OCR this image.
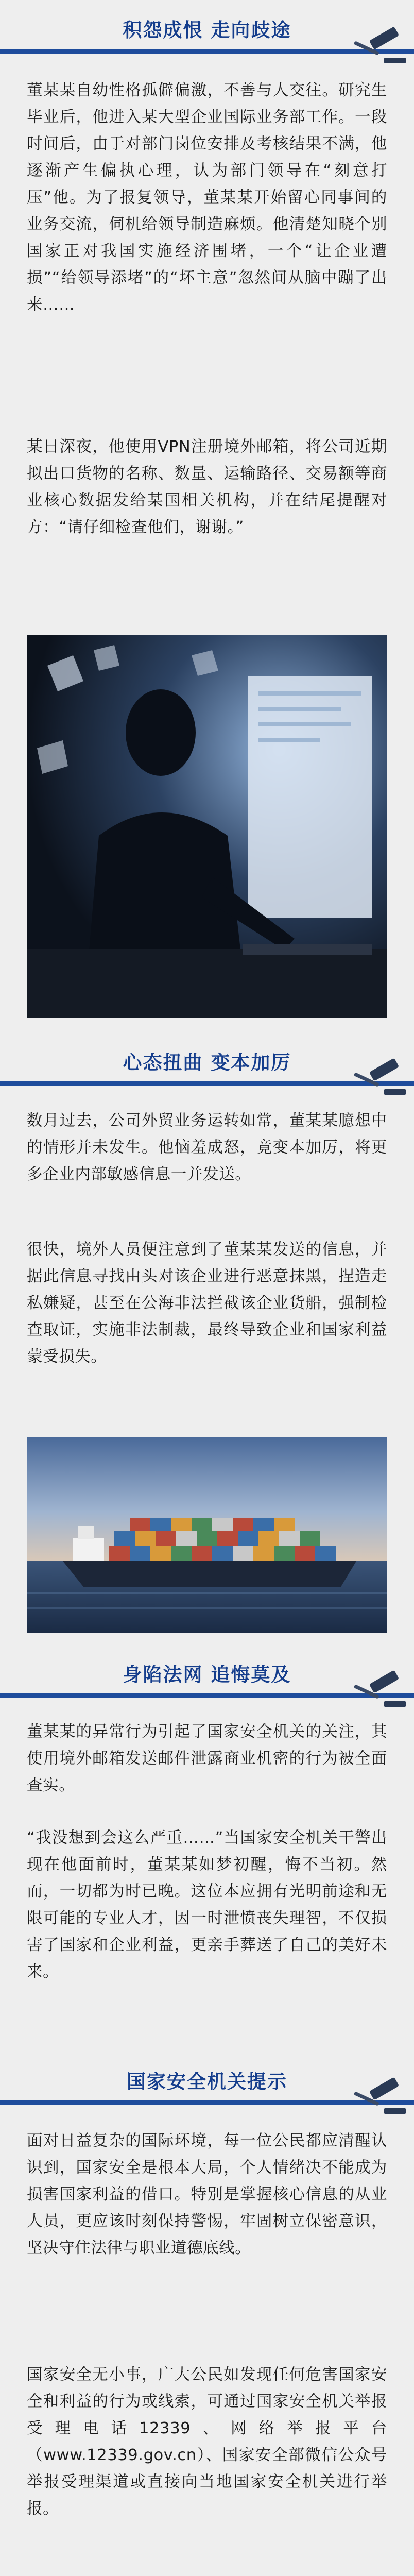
积怨成恨 走向歧途

董某某自幼性格孤僻偏激，不善与人交往。研究生毕业后，他进入某大型企业国际业务部工作。一段时间后，由于对部门岗位安排及考核结果不满，他逐渐产生偏执心理，认为部门领导在“刻意打压”他。为了报复领导，董某某开始留心同事间的业务交流，伺机给领导制造麻烦。他清楚知晓个别国家正对我国实施经济围堵，一个“让企业遭损”“给领导添堵”的“坏主意”忽然间从脑中蹦了出来……

某日深夜，他使用VPN注册境外邮箱，将公司近期拟出口货物的名称、数量、运输路径、交易额等商业核心数据发给某国相关机构，并在结尾提醒对方：“请仔细检查他们，谢谢。”

心态扭曲 变本加厉

数月过去，公司外贸业务运转如常，董某某臆想中的情形并未发生。他恼羞成怒，竟变本加厉，将更多企业内部敏感信息一并发送。

很快，境外人员便注意到了董某某发送的信息，并据此信息寻找由头对该企业进行恶意抹黑，捏造走私嫌疑，甚至在公海非法拦截该企业货船，强制检查取证，实施非法制裁，最终导致企业和国家利益蒙受损失。

身陷法网 追悔莫及

董某某的异常行为引起了国家安全机关的关注，其使用境外邮箱发送邮件泄露商业机密的行为被全面查实。

“我没想到会这么严重……”当国家安全机关干警出现在他面前时，董某某如梦初醒，悔不当初。然而，一切都为时已晚。这位本应拥有光明前途和无限可能的专业人才，因一时泄愤丧失理智，不仅损害了国家和企业利益，更亲手葬送了自己的美好未来。

国家安全机关提示

面对日益复杂的国际环境，每一位公民都应清醒认识到，国家安全是根本大局，个人情绪决不能成为损害国家利益的借口。特别是掌握核心信息的从业人员，更应该时刻保持警惕，牢固树立保密意识，坚决守住法律与职业道德底线。

国家安全无小事，广大公民如发现任何危害国家安全和利益的行为或线索，可通过国家安全机关举报受理电话12339、网络举报平台（www.12339.gov.cn）、国家安全部微信公众号举报受理渠道或直接向当地国家安全机关进行举报。
